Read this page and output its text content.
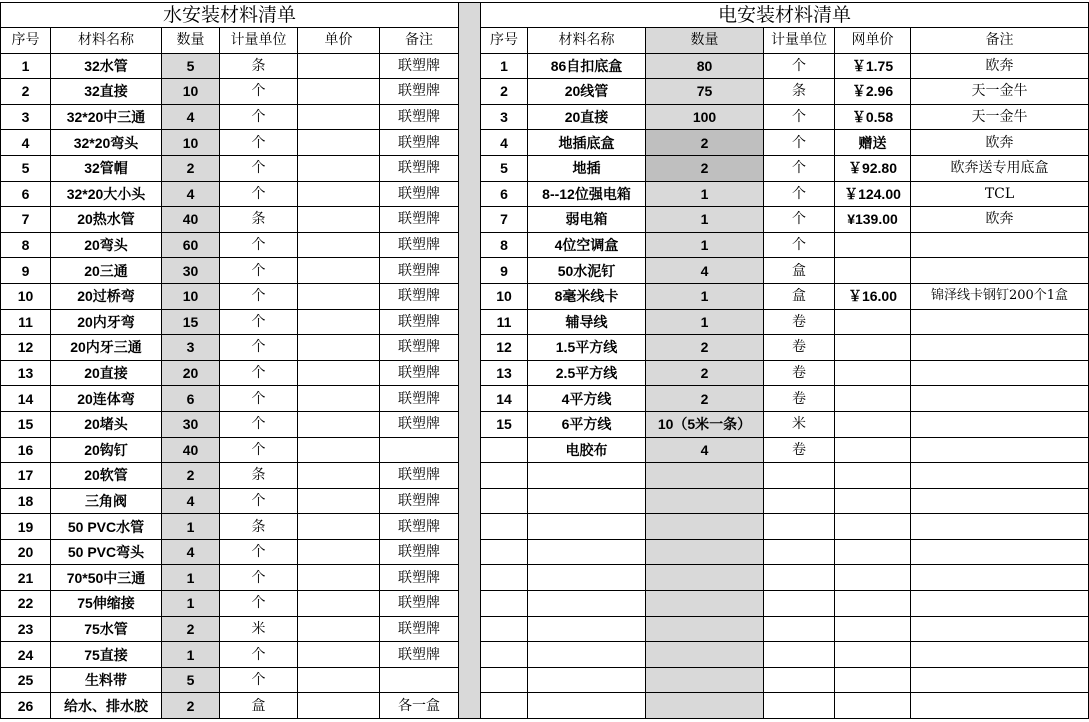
水安装材料清单							电安装材料清单					
序号	材料名称	数量	计量单位	单价	备注		序号	材料名称	数量	计量单位	网单价	备注
1	32水管	5	条		联塑牌		1	86自扣底盒	80	个	￥1.75	欧奔
2	32直接	10	个		联塑牌		2	20线管	75	条	￥2.96	天一金牛
3	32*20中三通	4	个		联塑牌		3	20直接	100	个	￥0.58	天一金牛
4	32*20弯头	10	个		联塑牌		4	地插底盒	2	个	赠送	欧奔
5	32管帽	2	个		联塑牌		5	地插	2	个	￥92.80	欧奔送专用底盒
6	32*20大小头	4	个		联塑牌		6	8--12位强电箱	1	个	￥124.00	TCL
7	20热水管	40	条		联塑牌		7	弱电箱	1	个	¥139.00	欧奔
8	20弯头	60	个		联塑牌		8	4位空调盒	1	个		
9	20三通	30	个		联塑牌		9	50水泥钉	4	盒		
10	20过桥弯	10	个		联塑牌		10	8毫米线卡	1	盒	￥16.00	锦泽线卡钢钉200个1盒
11	20内牙弯	15	个		联塑牌		11	辅导线	1	卷		
12	20内牙三通	3	个		联塑牌		12	1.5平方线	2	卷		
13	20直接	20	个		联塑牌		13	2.5平方线	2	卷		
14	20连体弯	6	个		联塑牌		14	4平方线	2	卷		
15	20堵头	30	个		联塑牌		15	6平方线	10（5米一条）	米		
16	20钩钉	40	个					电胶布	4	卷		
17	20软管	2	条		联塑牌							
18	三角阀	4	个		联塑牌							
19	50 PVC水管	1	条		联塑牌							
20	50 PVC弯头	4	个		联塑牌							
21	70*50中三通	1	个		联塑牌							
22	75伸缩接	1	个		联塑牌							
23	75水管	2	米		联塑牌							
24	75直接	1	个		联塑牌							
25	生料带	5	个									
26	给水、排水胶	2	盒		各一盒							
